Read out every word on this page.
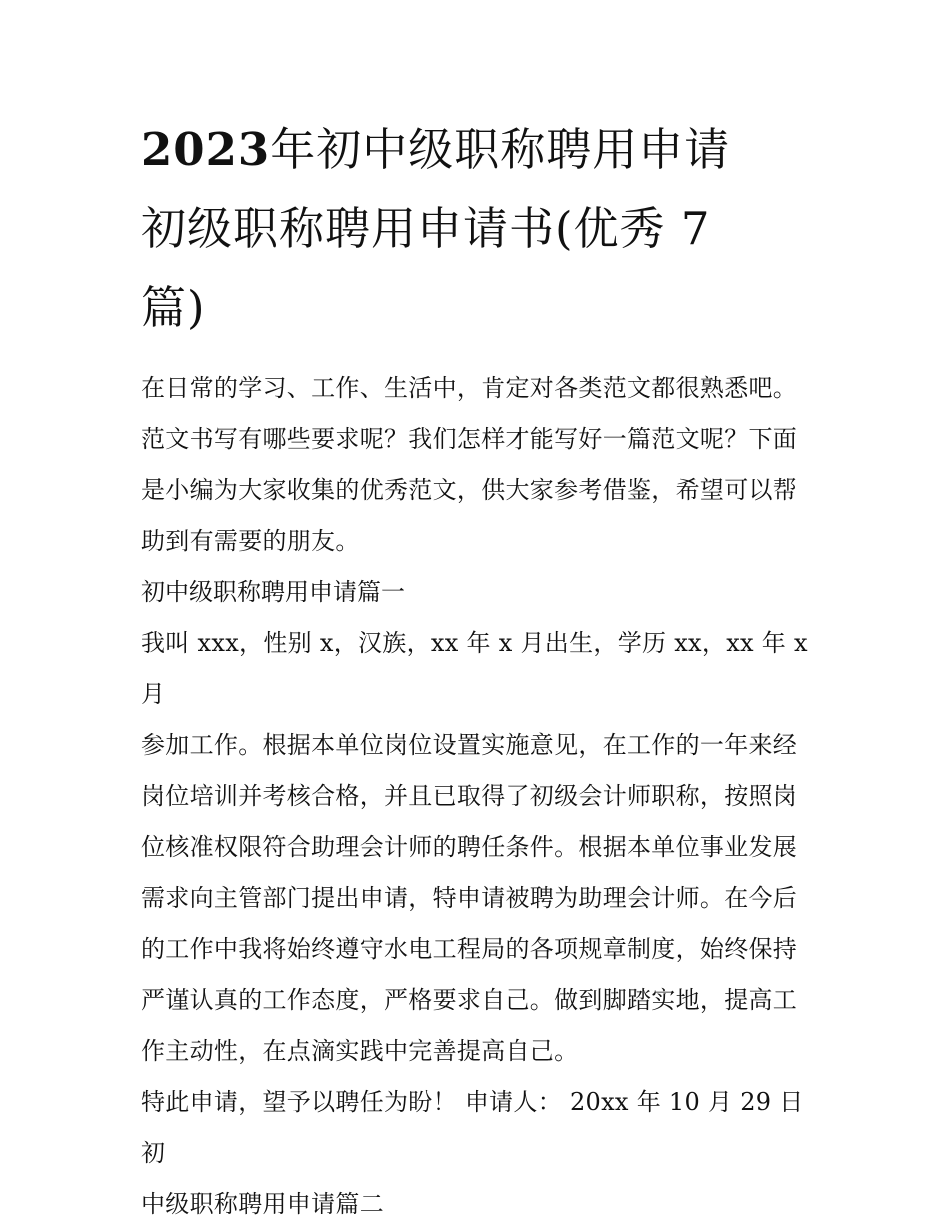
2023年初中级职称聘用申请
初级职称聘用申请书(优秀 7
篇)

在日常的学习、工作、生活中，肯定对各类范文都很熟悉吧。

范文书写有哪些要求呢？我们怎样才能写好一篇范文呢？下面

是小编为大家收集的优秀范文，供大家参考借鉴，希望可以帮

助到有需要的朋友。

初中级职称聘用申请篇一

我叫 xxx，性别 x，汉族，xx 年 x 月出生，学历 xx，xx 年 x 月

参加工作。根据本单位岗位设置实施意见，在工作的一年来经

岗位培训并考核合格，并且已取得了初级会计师职称，按照岗

位核准权限符合助理会计师的聘任条件。根据本单位事业发展

需求向主管部门提出申请，特申请被聘为助理会计师。在今后

的工作中我将始终遵守水电工程局的各项规章制度，始终保持

严谨认真的工作态度，严格要求自己。做到脚踏实地，提高工

作主动性，在点滴实践中完善提高自己。

特此申请，望予以聘任为盼！ 申请人： 20xx 年 10 月 29 日 初

中级职称聘用申请篇二
